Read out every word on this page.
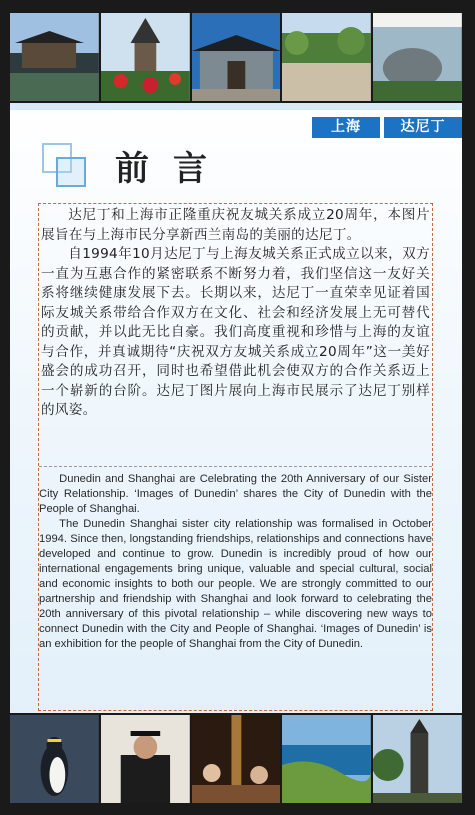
上海	达尼丁
前言

达尼丁和上海市正隆重庆祝友城关系成立20周年，本图片展旨在与上海市民分享新西兰南岛的美丽的达尼丁。

自1994年10月达尼丁与上海友城关系正式成立以来，双方一直为互惠合作的紧密联系不断努力着，我们坚信这一友好关系将继续健康发展下去。长期以来，达尼丁一直荣幸见证着国际友城关系带给合作双方在文化、社会和经济发展上无可替代的贡献，并以此无比自豪。我们高度重视和珍惜与上海的友谊与合作，并真诚期待“庆祝双方友城关系成立20周年”这一美好盛会的成功召开，同时也希望借此机会使双方的合作关系迈上一个崭新的台阶。达尼丁图片展向上海市民展示了达尼丁别样的风姿。

Dunedin and Shanghai are Celebrating the 20th Anniversary of our Sister City Relationship. ‘Images of Dunedin’ shares the City of Dunedin with the People of Shanghai.

The Dunedin Shanghai sister city relationship was formalised in October 1994. Since then, longstanding friendships, relationships and connections have developed and continue to grow. Dunedin is incredibly proud of how our international engagements bring unique, valuable and special cultural, social and economic insights to both our people. We are strongly committed to our partnership and friendship with Shanghai and look forward to celebrating the 20th anniversary of this pivotal relationship – while discovering new ways to connect Dunedin with the City and People of Shanghai. ‘Images of Dunedin’ is an exhibition for the people of Shanghai from the City of Dunedin.
